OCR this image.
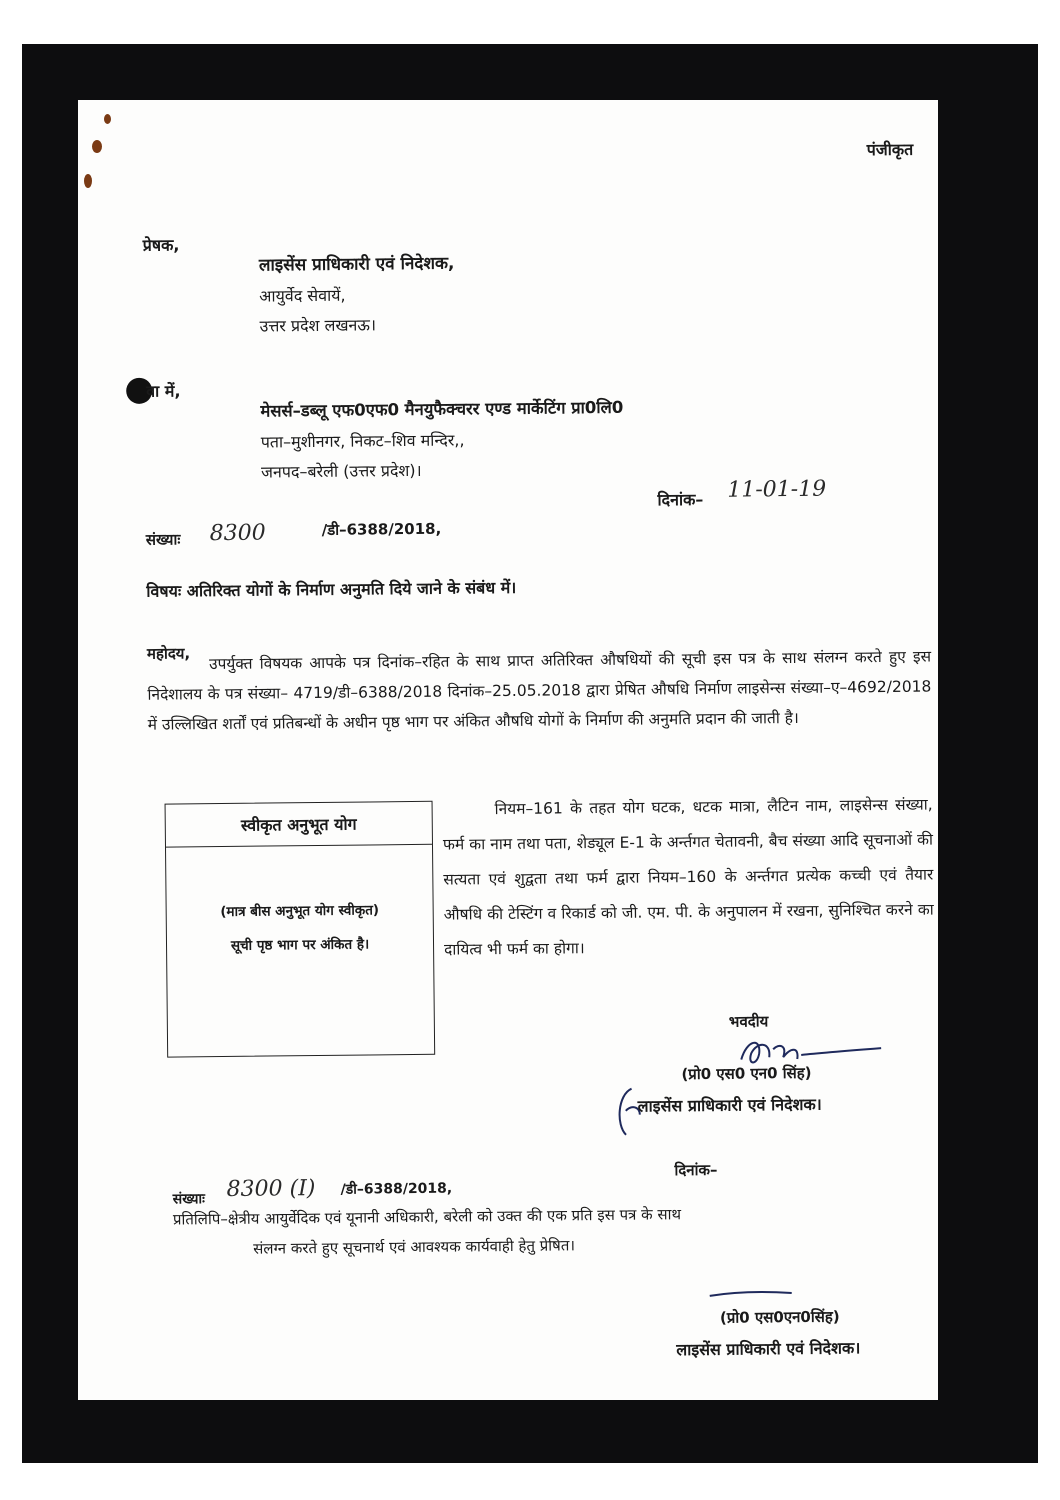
पंजीकृत
प्रेषक,
लाइसेंस प्राधिकारी एवं निदेशक,
आयुर्वेद सेवायें,
उत्तर प्रदेश लखनऊ।
वा में,
मेसर्स–डब्लू एफ0एफ0 मैनयुफैक्चरर एण्ड मार्केटिंग प्रा0लि0
पता–मुशीनगर, निकट–शिव मन्दिर,,
जनपद–बरेली (उत्तर प्रदेश)।
दिनांक– 11-01-19
संख्याः 8300	/डी–6388/2018,
विषयः अतिरिक्त योगों के निर्माण अनुमति दिये जाने के संबंध में।
महोदय,	उपर्युक्त विषयक आपके पत्र दिनांक–रहित के साथ प्राप्त अतिरिक्त औषधियों की सूची इस पत्र के साथ संलग्न करते हुए इस निदेशालय के पत्र संख्या– 4719/डी–6388/2018 दिनांक–25.05.2018 द्वारा प्रेषित औषधि निर्माण लाइसेन्स संख्या–ए–4692/2018 में उल्लिखित शर्तों एवं प्रतिबन्धों के अधीन पृष्ठ भाग पर अंकित औषधि योगों के निर्माण की अनुमति प्रदान की जाती है।
स्वीकृत अनुभूत योग
(मात्र बीस अनुभूत योग स्वीकृत)
सूची पृष्ठ भाग पर अंकित है।
नियम–161 के तहत योग घटक, धटक मात्रा, लैटिन नाम, लाइसेन्स संख्या, फर्म का नाम तथा पता, शेड्यूल E-1 के अर्न्तगत चेतावनी, बैच संख्या आदि सूचनाओं की सत्यता एवं शुद्वता तथा फर्म द्वारा नियम–160 के अर्न्तगत प्रत्येक कच्ची एवं तैयार औषधि की टेस्टिंग व रिकार्ड को जी. एम. पी. के अनुपालन में रखना, सुनिश्चित करने का दायित्व भी फर्म का होगा।
भवदीय
(प्रो0 एस0 एन0 सिंह)
लाइसेंस प्राधिकारी एवं निदेशक।
दिनांक–
संख्याः 8300 (I) /डी–6388/2018,
प्रतिलिपि–क्षेत्रीय आयुर्वेदिक एवं यूनानी अधिकारी, बरेली को उक्त की एक प्रति इस पत्र के साथ
संलग्न करते हुए सूचनार्थ एवं आवश्यक कार्यवाही हेतु प्रेषित।
(प्रो0 एस0एन0सिंह)
लाइसेंस प्राधिकारी एवं निदेशक।
